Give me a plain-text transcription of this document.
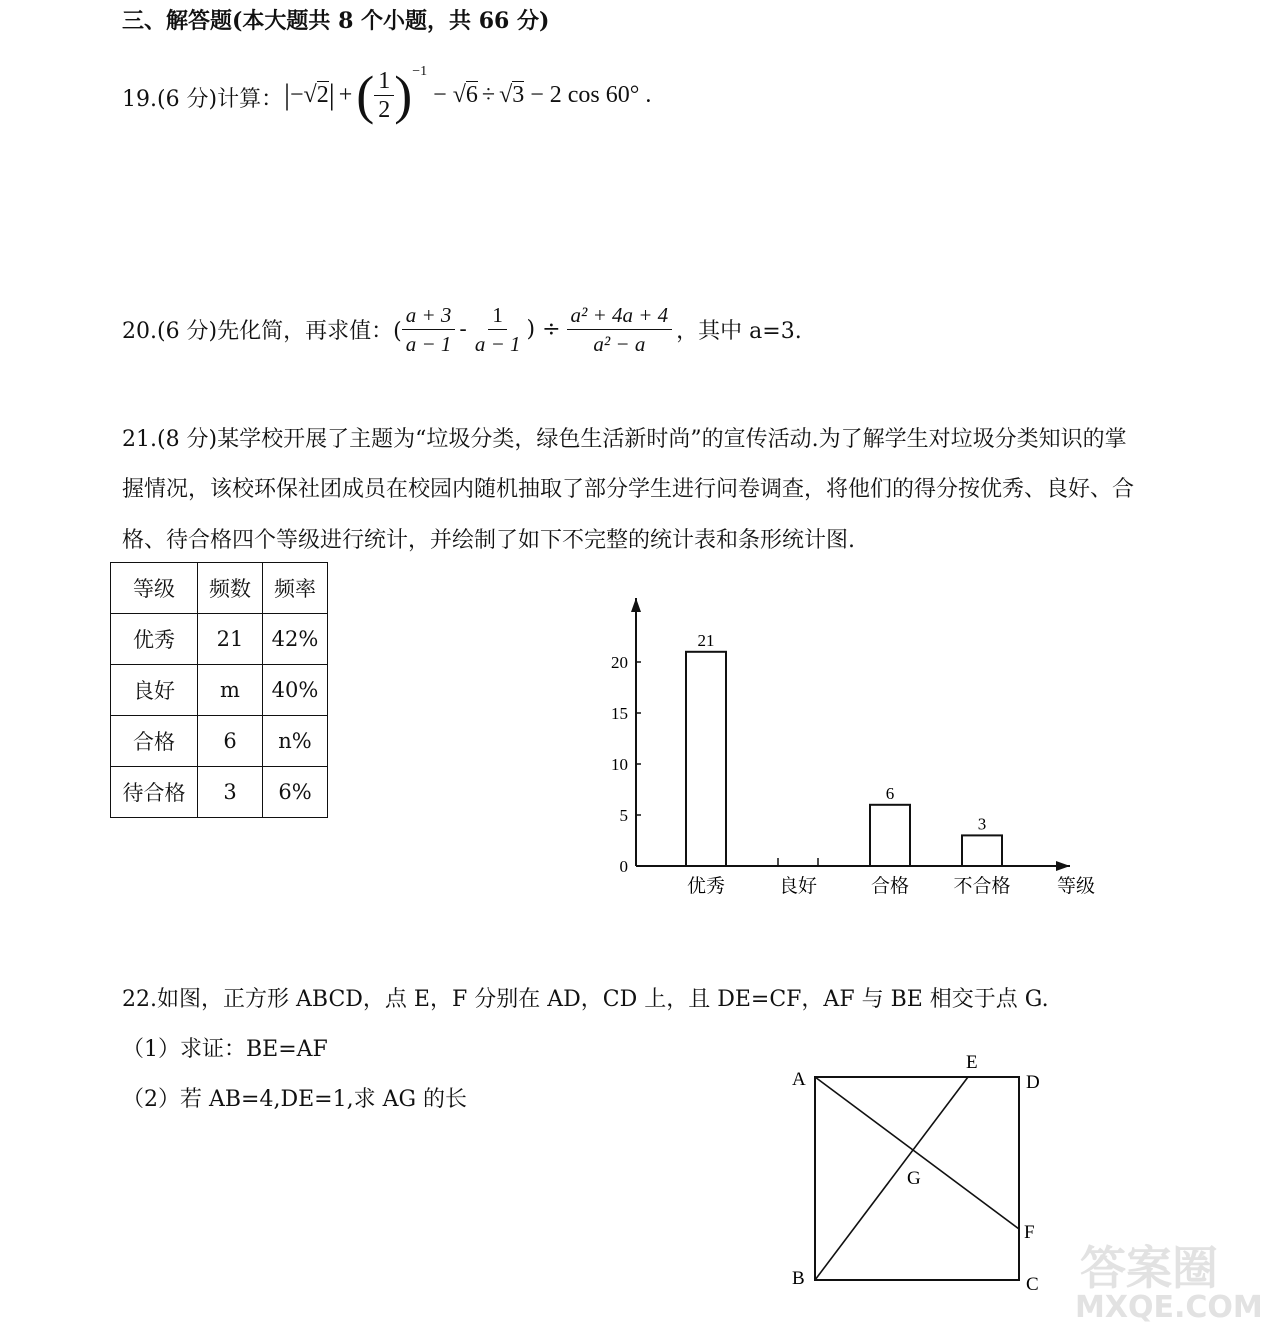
三、解答题(本大题共 8 个小题，共 66 分)
19.(6 分)计算： | −√ 2 | + ( $\frac{1}{2} )^{-1}$
− √ 6 ÷ √ 3 − 2 cos 60° .
20.(6 分)先化简，再求值：( $\frac{a + 3}{a - 1} - \frac{1}{a - 1}$ ) ÷ $\frac{\text{a² + 4a + 4}}{\text{a² − a}}$ ，其中 a=3.
21.(8 分)某学校开展了主题为“垃圾分类，绿色生活新时尚”的宣传活动.为了解学生对垃圾分类知识的掌
握情况，该校环保社团成员在校园内随机抽取了部分学生进行问卷调查，将他们的得分按优秀、良好、合
格、待合格四个等级进行统计，并绘制了如下不完整的统计表和条形统计图.
等级	频数	频率
优秀	21	42%
良好	m	40%
合格	6	n%
待合格	3	6%
0
5
10
15
20
21
优秀	良好
6
合格
3
不合格 等级
22.如图，正方形 ABCD，点 E，F 分别在 AD，CD 上，且 DE=CF，AF 与 BE 相交于点 G.
（1）求证：BE=AF
（2）若 AB=4,DE=1,求 AG 的长
A	D
E
F
G
B	C 答案圈
MXQE.COM
